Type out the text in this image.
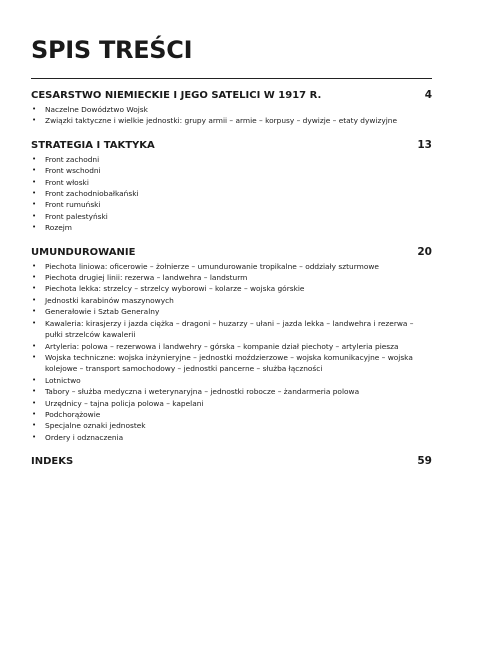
SPIS TREŚCI
CESARSTWO NIEMIECKIE I JEGO SATELICI W 1917 R.	4
• Naczelne Dowództwo Wojsk
• Związki taktyczne i wielkie jednostki: grupy armii – armie – korpusy – dywizje – etaty dywizyjne
STRATEGIA I TAKTYKA	13
• Front zachodni
• Front wschodni
• Front włoski
• Front zachodniobałkański
• Front rumuński
• Front palestyński
• Rozejm
UMUNDUROWANIE	20
• Piechota liniowa: oficerowie – żołnierze – umundurowanie tropikalne – oddziały szturmowe
• Piechota drugiej linii: rezerwa – landwehra – landsturm
• Piechota lekka: strzelcy – strzelcy wyborowi – kolarze – wojska górskie
• Jednostki karabinów maszynowych
• Generałowie i Sztab Generalny
• Kawaleria: kirasjerzy i jazda ciężka – dragoni – huzarzy – ułani – jazda lekka – landwehra i rezerwa – pułki strzelców kawalerii
• Artyleria: polowa – rezerwowa i landwehry – górska – kompanie dział piechoty – artyleria piesza
• Wojska techniczne: wojska inżynieryjne – jednostki moździerzowe – wojska komunikacyjne – wojska kolejowe – transport samochodowy – jednostki pancerne – służba łączności
• Lotnictwo
• Tabory – służba medyczna i weterynaryjna – jednostki robocze – żandarmeria polowa
• Urzędnicy – tajna policja polowa – kapelani
• Podchorążowie
• Specjalne oznaki jednostek
• Ordery i odznaczenia
INDEKS	59
